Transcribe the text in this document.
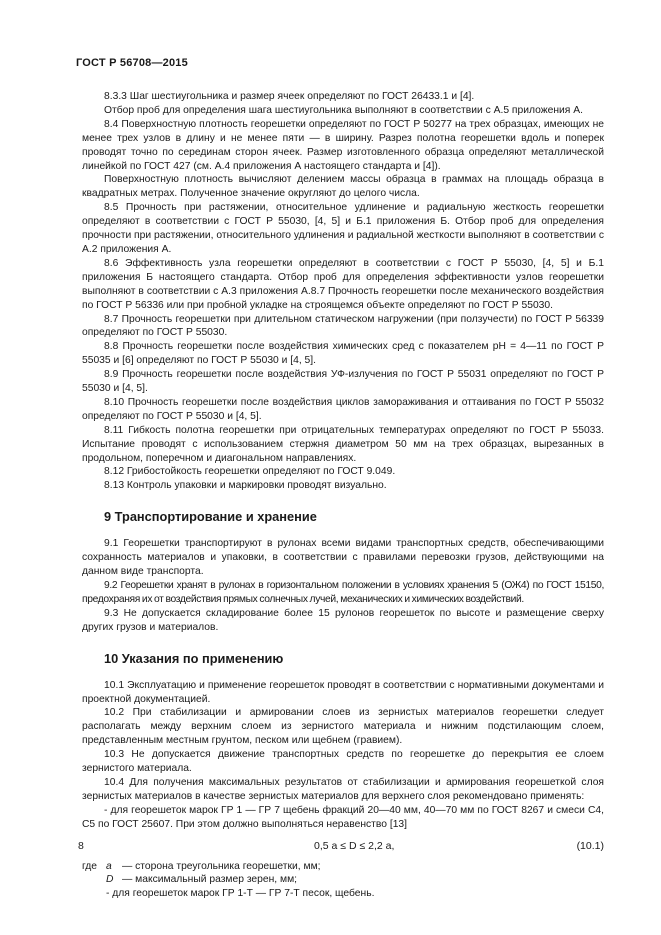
ГОСТ Р 56708—2015

8.3.3 Шаг шестиугольника и размер ячеек определяют по ГОСТ 26433.1 и [4].

Отбор проб для определения шага шестиугольника выполняют в соответствии с А.5 приложения А.

8.4 Поверхностную плотность георешетки определяют по ГОСТ Р 50277 на трех образцах, имеющих не менее трех узлов в длину и не менее пяти — в ширину. Разрез полотна георешетки вдоль и поперек проводят точно по серединам сторон ячеек. Размер изготовленного образца определяют металлической линейкой по ГОСТ 427 (см. А.4 приложения А настоящего стандарта и [4]).

Поверхностную плотность вычисляют делением массы образца в граммах на площадь образца в квадратных метрах. Полученное значение округляют до целого числа.

8.5 Прочность при растяжении, относительное удлинение и радиальную жесткость георешетки определяют в соответствии с ГОСТ Р 55030, [4, 5] и Б.1 приложения Б. Отбор проб для определения прочности при растяжении, относительного удлинения и радиальной жесткости выполняют в соответствии с А.2 приложения А.

8.6 Эффективность узла георешетки определяют в соответствии с ГОСТ Р 55030, [4, 5] и Б.1 приложения Б настоящего стандарта. Отбор проб для определения эффективности узлов георешетки выполняют в соответствии с А.3 приложения А.8.7 Прочность георешетки после механического воздействия по ГОСТ Р 56336 или при пробной укладке на строящемся объекте определяют по ГОСТ Р 55030.

8.7 Прочность георешетки при длительном статическом нагружении (при ползучести) по ГОСТ Р 56339 определяют по ГОСТ Р 55030.

8.8 Прочность георешетки после воздействия химических сред с показателем pH = 4—11 по ГОСТ Р 55035 и [6] определяют по ГОСТ Р 55030 и [4, 5].

8.9 Прочность георешетки после воздействия УФ-излучения по ГОСТ Р 55031 определяют по ГОСТ Р 55030 и [4, 5].

8.10 Прочность георешетки после воздействия циклов замораживания и оттаивания по ГОСТ Р 55032 определяют по ГОСТ Р 55030 и [4, 5].

8.11 Гибкость полотна георешетки при отрицательных температурах определяют по ГОСТ Р 55033. Испытание проводят с использованием стержня диаметром 50 мм на трех образцах, вырезанных в продольном, поперечном и диагональном направлениях.

8.12 Грибостойкость георешетки определяют по ГОСТ 9.049.

8.13 Контроль упаковки и маркировки проводят визуально.

9 Транспортирование и хранение

9.1 Георешетки транспортируют в рулонах всеми видами транспортных средств, обеспечивающими сохранность материалов и упаковки, в соответствии с правилами перевозки грузов, действующими на данном виде транспорта.

9.2 Георешетки хранят в рулонах в горизонтальном положении в условиях хранения 5 (ОЖ4) по ГОСТ 15150, предохраняя их от воздействия прямых солнечных лучей, механических и химических воздействий.

9.3 Не допускается складирование более 15 рулонов георешеток по высоте и размещение сверху других грузов и материалов.

10 Указания по применению

10.1 Эксплуатацию и применение георешеток проводят в соответствии с нормативными документами и проектной документацией.

10.2 При стабилизации и армировании слоев из зернистых материалов георешетки следует располагать между верхним слоем из зернистого материала и нижним подстилающим слоем, представленным местным грунтом, песком или щебнем (гравием).

10.3 Не допускается движение транспортных средств по георешетке до перекрытия ее слоем зернистого материала.

10.4 Для получения максимальных результатов от стабилизации и армирования георешеткой слоя зернистых материалов в качестве зернистых материалов для верхнего слоя рекомендовано применять:

- для георешеток марок ГР 1 — ГР 7 щебень фракций 20—40 мм, 40—70 мм по ГОСТ 8267 и смеси С4, С5 по ГОСТ 25607. При этом должно выполняться неравенство [13]

0,5 a ≤ D ≤ 2,2 a,	(10.1)
где a — сторона треугольника георешетки, мм;
D — максимальный размер зерен, мм;
- для георешеток марок ГР 1-Т — ГР 7-Т песок, щебень.
8
